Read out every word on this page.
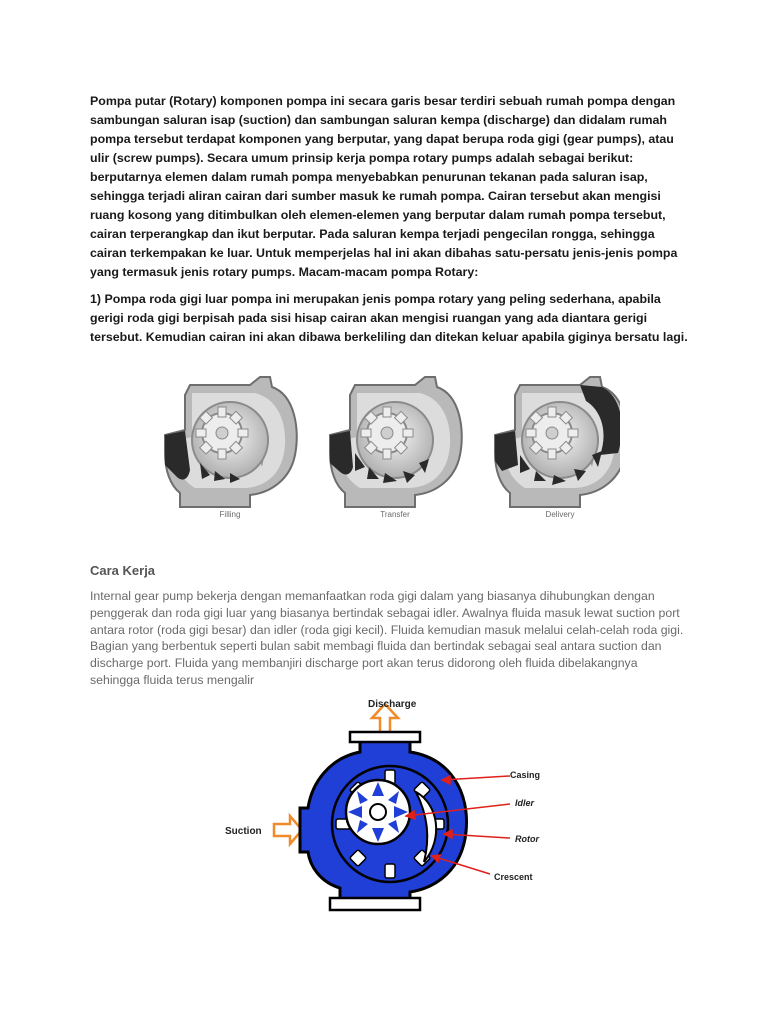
Pompa putar (Rotary) komponen pompa ini secara garis besar terdiri sebuah rumah pompa dengan sambungan saluran isap (suction) dan sambungan saluran kempa (discharge) dan didalam rumah pompa tersebut terdapat komponen yang berputar, yang dapat berupa roda gigi (gear pumps), atau ulir (screw pumps). Secara umum prinsip kerja pompa rotary pumps adalah sebagai berikut: berputarnya elemen dalam rumah pompa menyebabkan penurunan tekanan pada saluran isap, sehingga terjadi aliran cairan dari sumber masuk ke rumah pompa. Cairan tersebut akan mengisi ruang kosong yang ditimbulkan oleh elemen-elemen yang berputar dalam rumah pompa tersebut, cairan terperangkap dan ikut berputar. Pada saluran kempa terjadi pengecilan rongga, sehingga cairan terkempakan ke luar. Untuk memperjelas hal ini akan dibahas satu-persatu jenis-jenis pompa yang termasuk jenis rotary pumps. Macam-macam pompa Rotary:

1) Pompa roda gigi luar pompa ini merupakan jenis pompa rotary yang peling sederhana, apabila gerigi roda gigi berpisah pada sisi hisap cairan akan mengisi ruangan yang ada diantara gerigi tersebut. Kemudian cairan ini akan dibawa berkeliling dan ditekan keluar apabila giginya bersatu lagi.

Filling	Transfer	Delivery
Cara Kerja

Internal gear pump bekerja dengan memanfaatkan roda gigi dalam yang biasanya dihubungkan dengan penggerak dan roda gigi luar yang biasanya bertindak sebagai idler. Awalnya fluida masuk lewat suction port antara rotor (roda gigi besar) dan idler (roda gigi kecil). Fluida kemudian masuk melalui celah-celah roda gigi. Bagian yang berbentuk seperti bulan sabit membagi fluida dan bertindak sebagai seal antara suction dan discharge port. Fluida yang membanjiri discharge port akan terus didorong oleh fluida dibelakangnya sehingga fluida terus mengalir

Discharge
Suction
Casing
Idler
Rotor
Crescent
